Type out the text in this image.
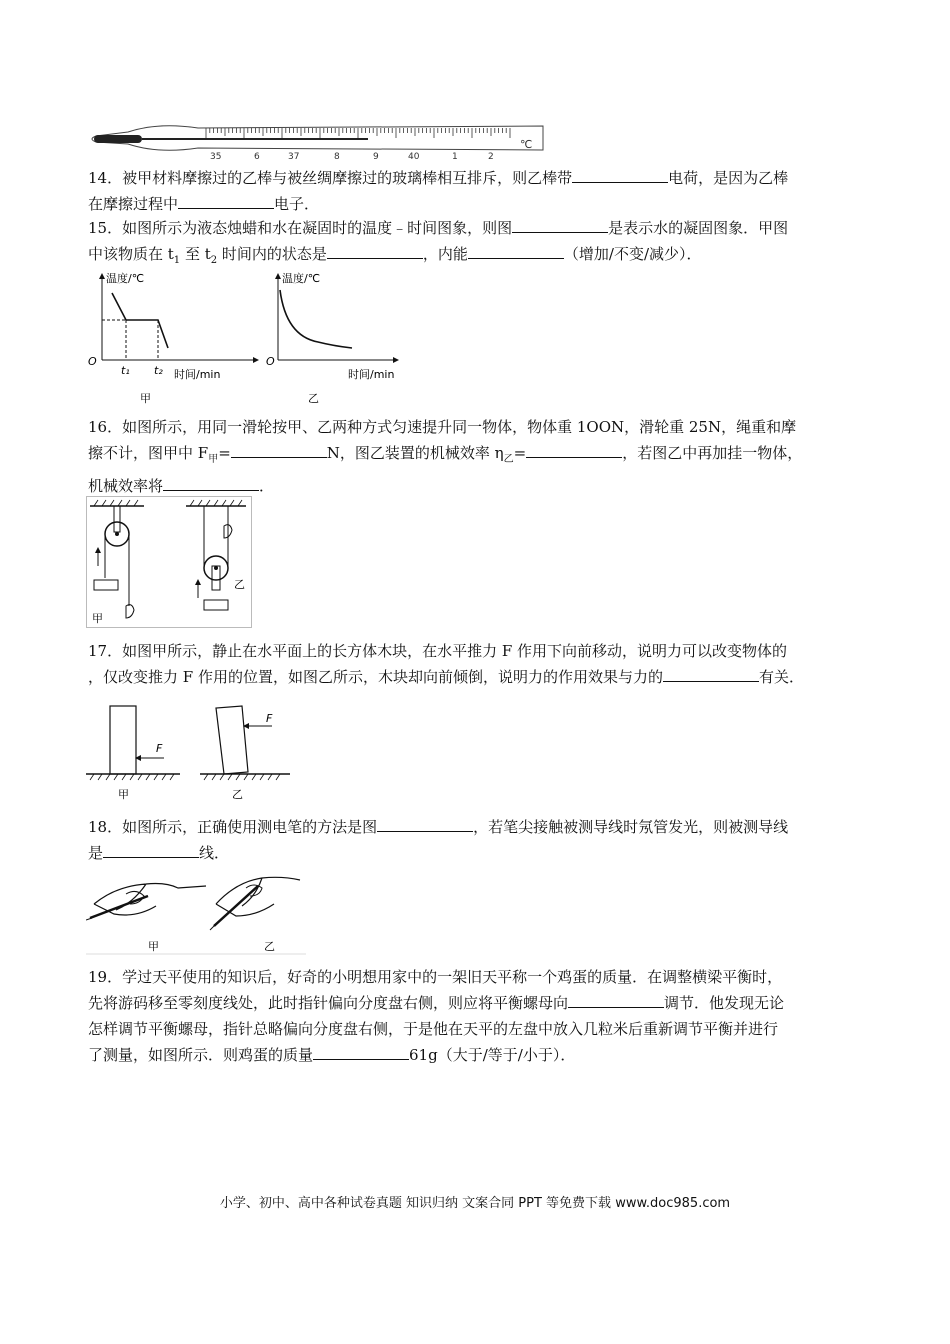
35	6	37	8	9	40	1	2
℃

14．被甲材料摩擦过的乙棒与被丝绸摩擦过的玻璃棒相互排斥，则乙棒带	电荷，是因为乙棒

在摩擦过程中	电子．

15．如图所示为液态烛蜡和水在凝固时的温度﹣时间图象，则图	是表示水的凝固图象．甲图

中该物质在 $t_1$ 至 $t_2$ 时间内的状态是	，内能	（增加/不变/减少）．

温度/℃
O
t₁ t₂ 时间/min
甲
温度/℃
O
时间/min
乙

16．如图所示，用同一滑轮按甲、乙两种方式匀速提升同一物体，物体重 1OON，滑轮重 25N，绳重和摩

擦不计，图甲中 $F_甲=$	N，图乙装置的机械效率 $\eta_乙=$	，若图乙中再加挂一物体，

机械效率将	．

甲
乙

17．如图甲所示，静止在水平面上的长方体木块，在水平推力 F 作用下向前移动，说明力可以改变物体的

，仅改变推力 F 作用的位置，如图乙所示，木块却向前倾倒，说明力的作用效果与力的	有关．

F
甲
F
乙

18．如图所示，正确使用测电笔的方法是图	，若笔尖接触被测导线时氖管发光，则被测导线

是	线．

甲	乙

19．学过天平使用的知识后，好奇的小明想用家中的一架旧天平称一个鸡蛋的质量．在调整横梁平衡时，

先将游码移至零刻度线处，此时指针偏向分度盘右侧，则应将平衡螺母向	调节．他发现无论

怎样调节平衡螺母，指针总略偏向分度盘右侧，于是他在天平的左盘中放入几粒米后重新调节平衡并进行

了测量，如图所示．则鸡蛋的质量	61g（大于/等于/小于）．

小学、初中、高中各种试卷真题 知识归纳 文案合同 PPT 等免费下载 www.doc985.com
